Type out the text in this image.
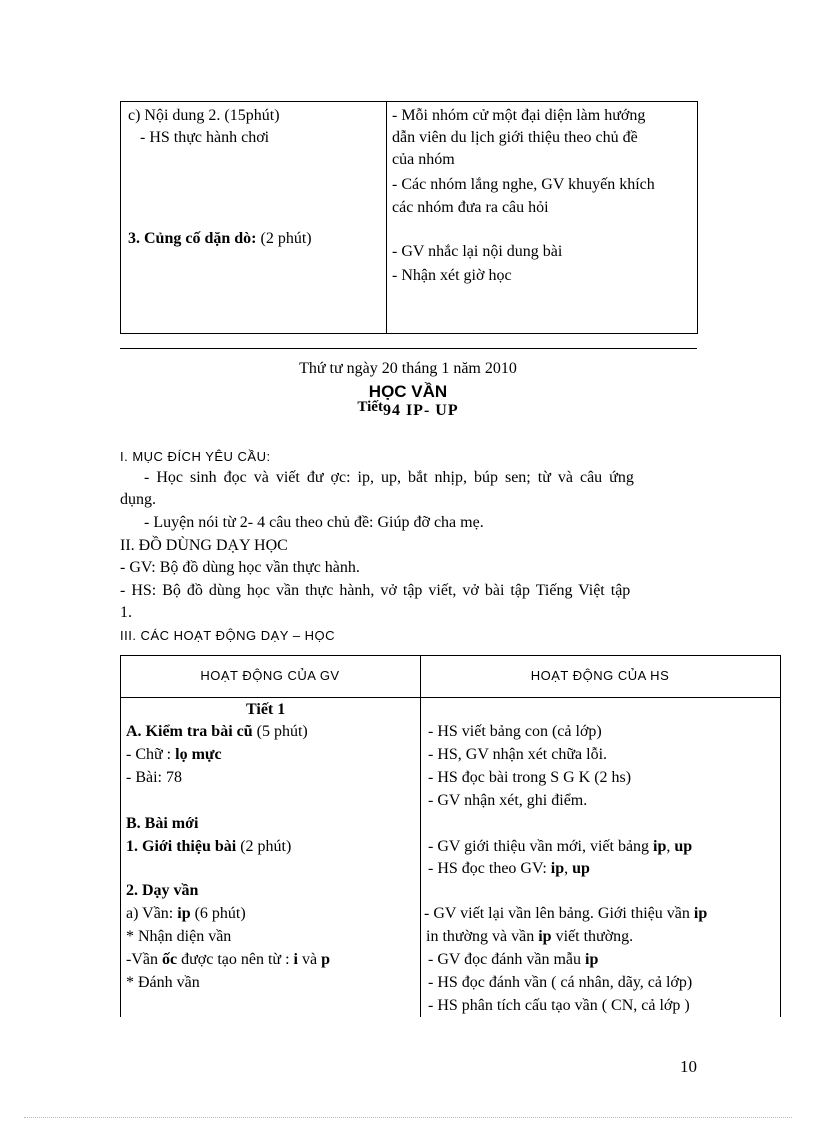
c) Nội dung 2. (15phút)
- HS thực hành chơi
3. Củng cố dặn dò: (2 phút)
- Mỗi nhóm cử một đại diện làm hướng
dẫn viên du lịch giới thiệu theo chủ đề
của nhóm
- Các nhóm lắng nghe, GV khuyến khích
các nhóm đưa ra câu hỏi
- GV nhắc lại nội dung bài
- Nhận xét giờ học
Thứ tư ngày 20 tháng 1 năm 2010
HỌC VẦN
Tiết94 IP- UP
I. MỤC ĐÍCH YÊU CẦU:
- Học sinh đọc và viết đư ợc: ip, up, bắt nhịp, búp sen; từ và câu ứng
dụng.
- Luyện nói từ 2- 4 câu theo chủ đề: Giúp đỡ cha mẹ.
II. ĐỒ DÙNG DẠY HỌC
- GV: Bộ đồ dùng học vần thực hành.
- HS: Bộ đồ dùng học vần thực hành, vở tập viết, vở bài tập Tiếng Việt tập
1.
III. CÁC HOẠT ĐỘNG DẠY – HỌC
HOẠT ĐỘNG CỦA GV	HOẠT ĐỘNG CỦA HS
Tiết 1
A. Kiểm tra bài cũ (5 phút)
- Chữ : lọ mực
- Bài: 78
B. Bài mới
1. Giới thiệu bài (2 phút)
2. Dạy vần
a) Vần: ip (6 phút)
* Nhận diện vần
-Vần ốc được tạo nên từ : i và p
* Đánh vần
- HS viết bảng con (cả lớp)
- HS, GV nhận xét chữa lỗi.
- HS đọc bài trong S G K (2 hs)
- GV nhận xét, ghi điểm.
- GV giới thiệu vần mới, viết bảng ip, up
- HS đọc theo GV: ip, up
- GV viết lại vần lên bảng. Giới thiệu vần ip
in thường và vần ip viết thường.
- GV đọc đánh vần mẫu ip
- HS đọc đánh vần ( cá nhân, dãy, cả lớp)
- HS phân tích cấu tạo vần ( CN, cả lớp )
10
